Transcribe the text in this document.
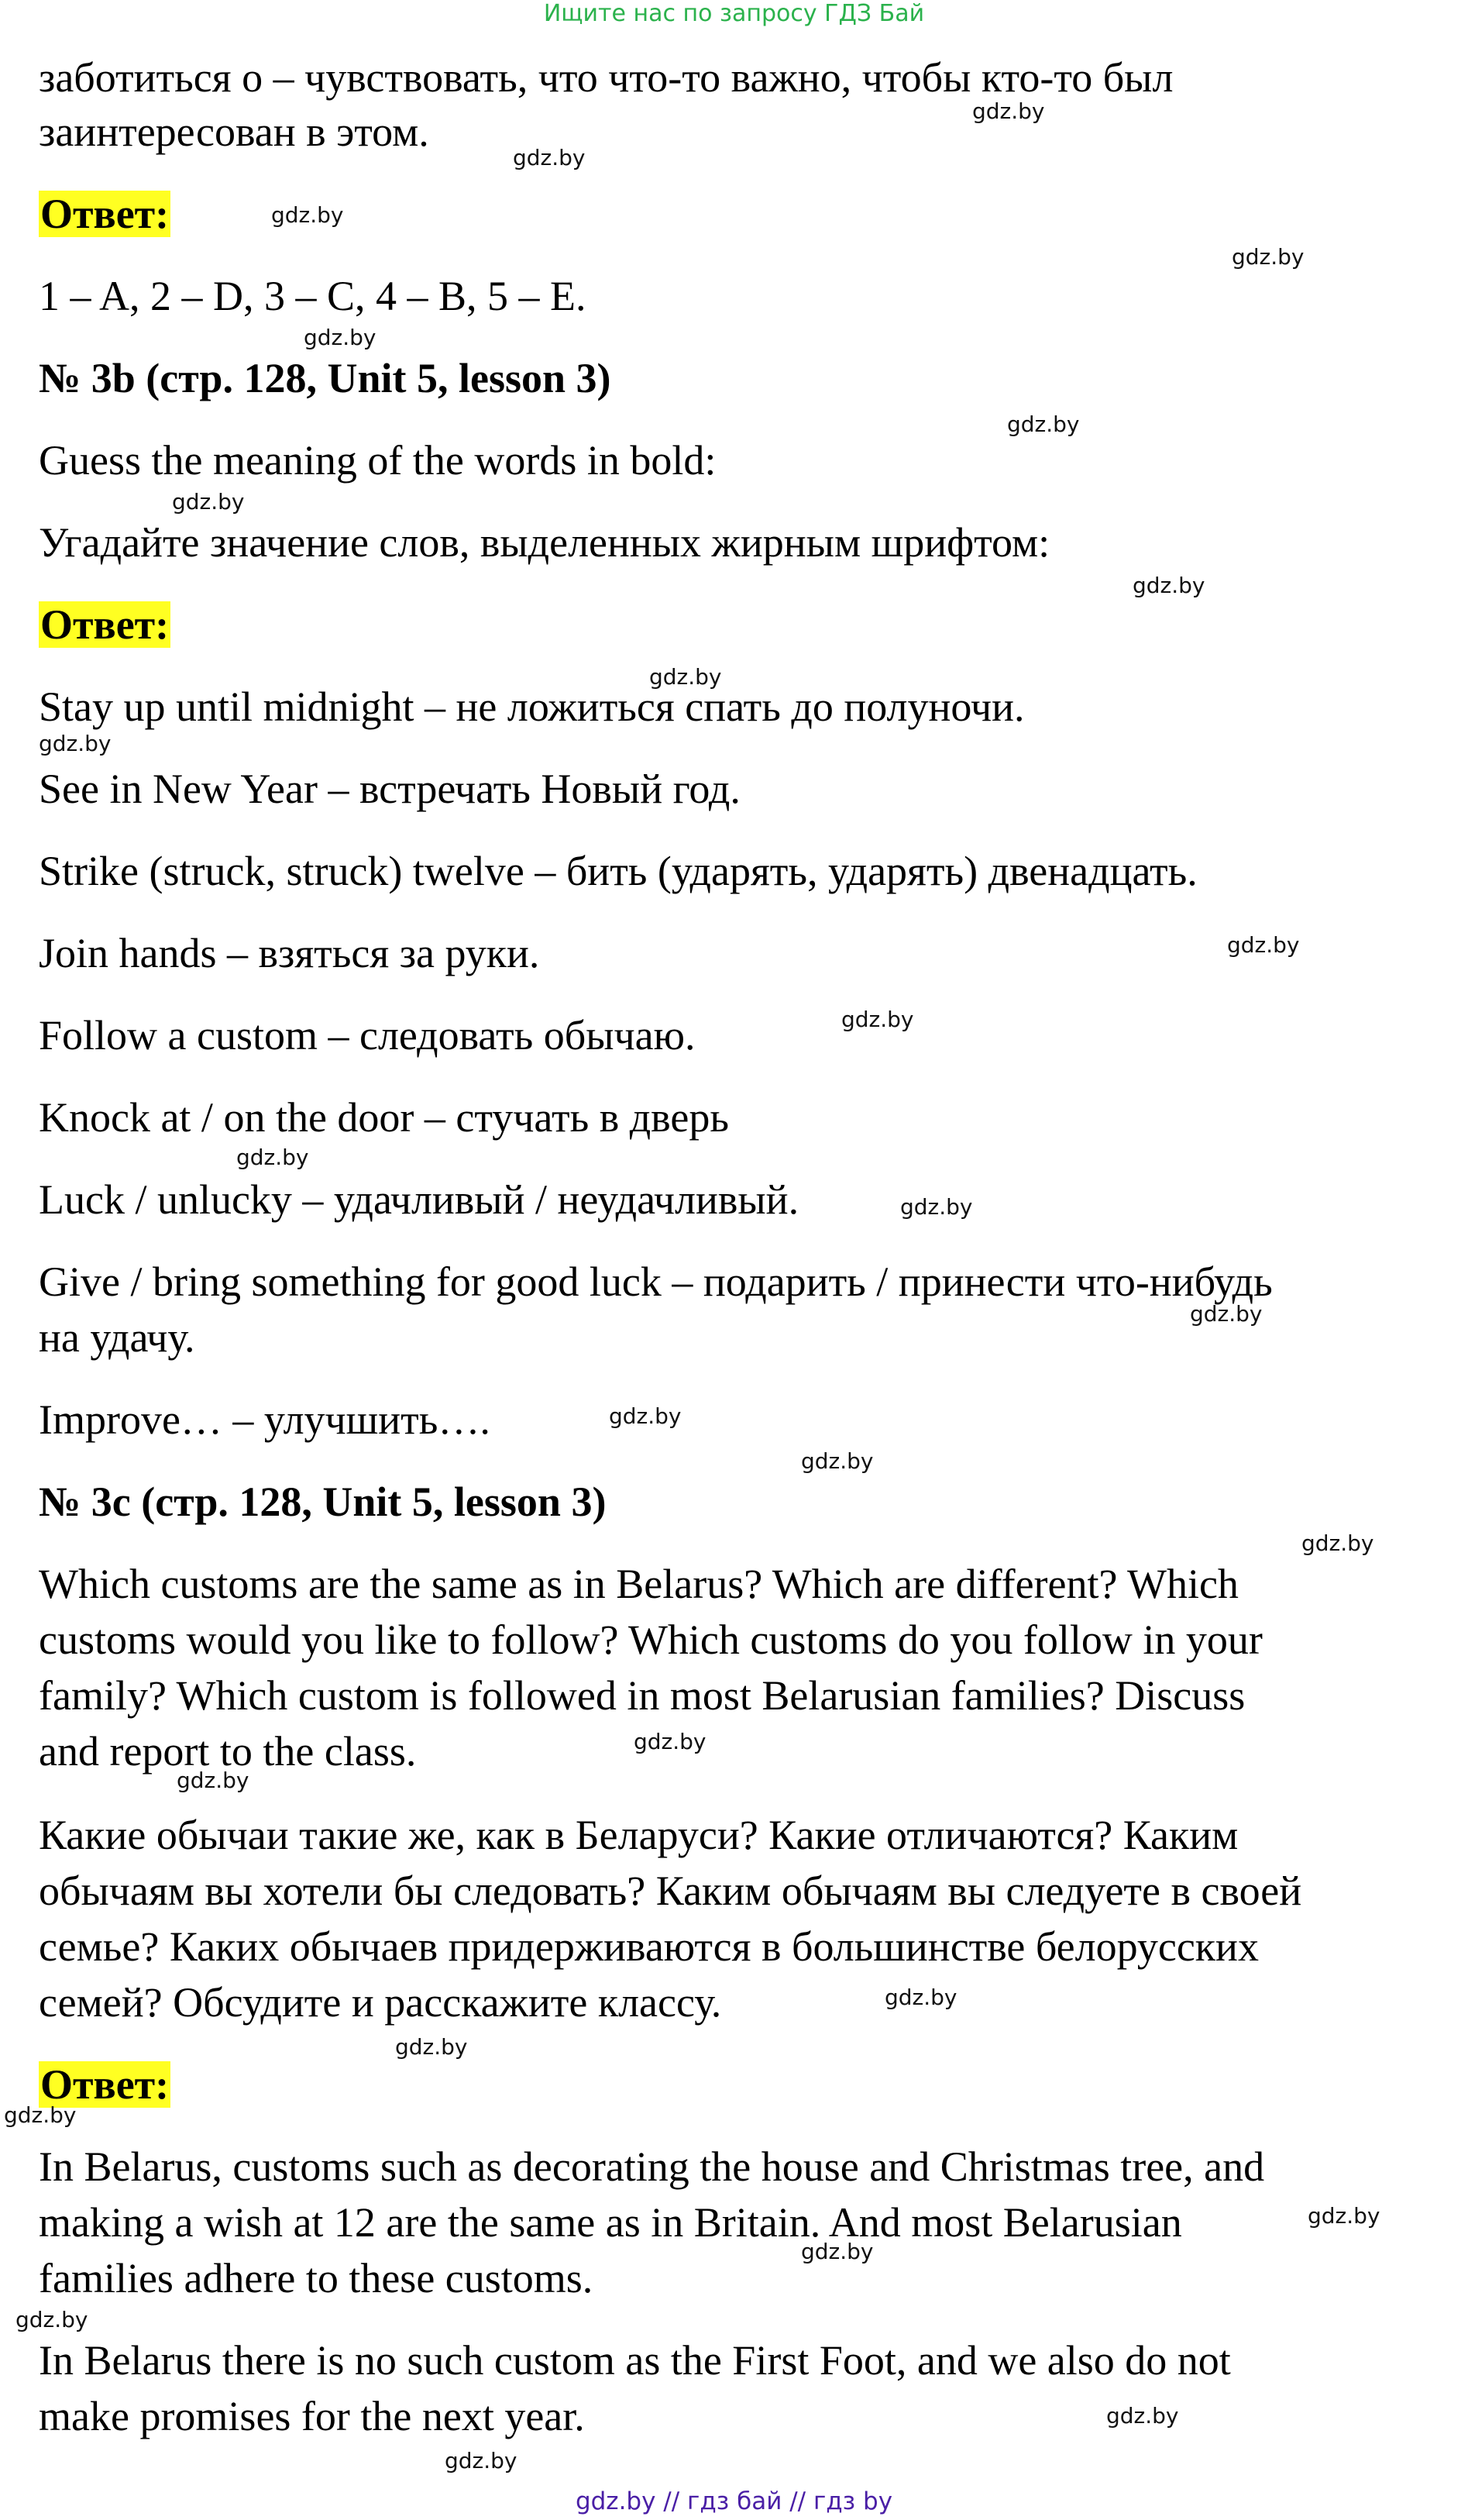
Ищите нас по запросу ГДЗ Бай

заботиться о – чувствовать, что что-то важно, чтобы кто-то был

заинтересован в этом.

Ответ:

1 – A, 2 – D, 3 – C, 4 – B, 5 – E.

№ 3b (стр. 128, Unit 5, lesson 3)

Guess the meaning of the words in bold:

Угадайте значение слов, выделенных жирным шрифтом:

Ответ:

Stay up until midnight – не ложиться спать до полуночи.

See in New Year – встречать Новый год.

Strike (struck, struck) twelve – бить (ударять, ударять) двенадцать.

Join hands – взяться за руки.

Follow a custom – следовать обычаю.

Knock at / on the door – стучать в дверь

Luck / unlucky – удачливый / неудачливый.

Give / bring something for good luck – подарить / принести что-нибудь

на удачу.

Improve… – улучшить….

№ 3c (стр. 128, Unit 5, lesson 3)

Which customs are the same as in Belarus? Which are different? Which

customs would you like to follow? Which customs do you follow in your

family? Which custom is followed in most Belarusian families? Discuss

and report to the class.

Какие обычаи такие же, как в Беларуси? Какие отличаются? Каким

обычаям вы хотели бы следовать? Каким обычаям вы следуете в своей

семье? Каких обычаев придерживаются в большинстве белорусских

семей? Обсудите и расскажите классу.

Ответ:

In Belarus, customs such as decorating the house and Christmas tree, and

making a wish at 12 are the same as in Britain. And most Belarusian

families adhere to these customs.

In Belarus there is no such custom as the First Foot, and we also do not

make promises for the next year.

gdz.by
gdz.by
gdz.by
gdz.by
gdz.by
gdz.by
gdz.by
gdz.by
gdz.by
gdz.by
gdz.by
gdz.by
gdz.by
gdz.by
gdz.by
gdz.by
gdz.by
gdz.by
gdz.by
gdz.by
gdz.by
gdz.by
gdz.by
gdz.by
gdz.by
gdz.by
gdz.by
gdz.by
gdz.by // гдз бай // гдз by
